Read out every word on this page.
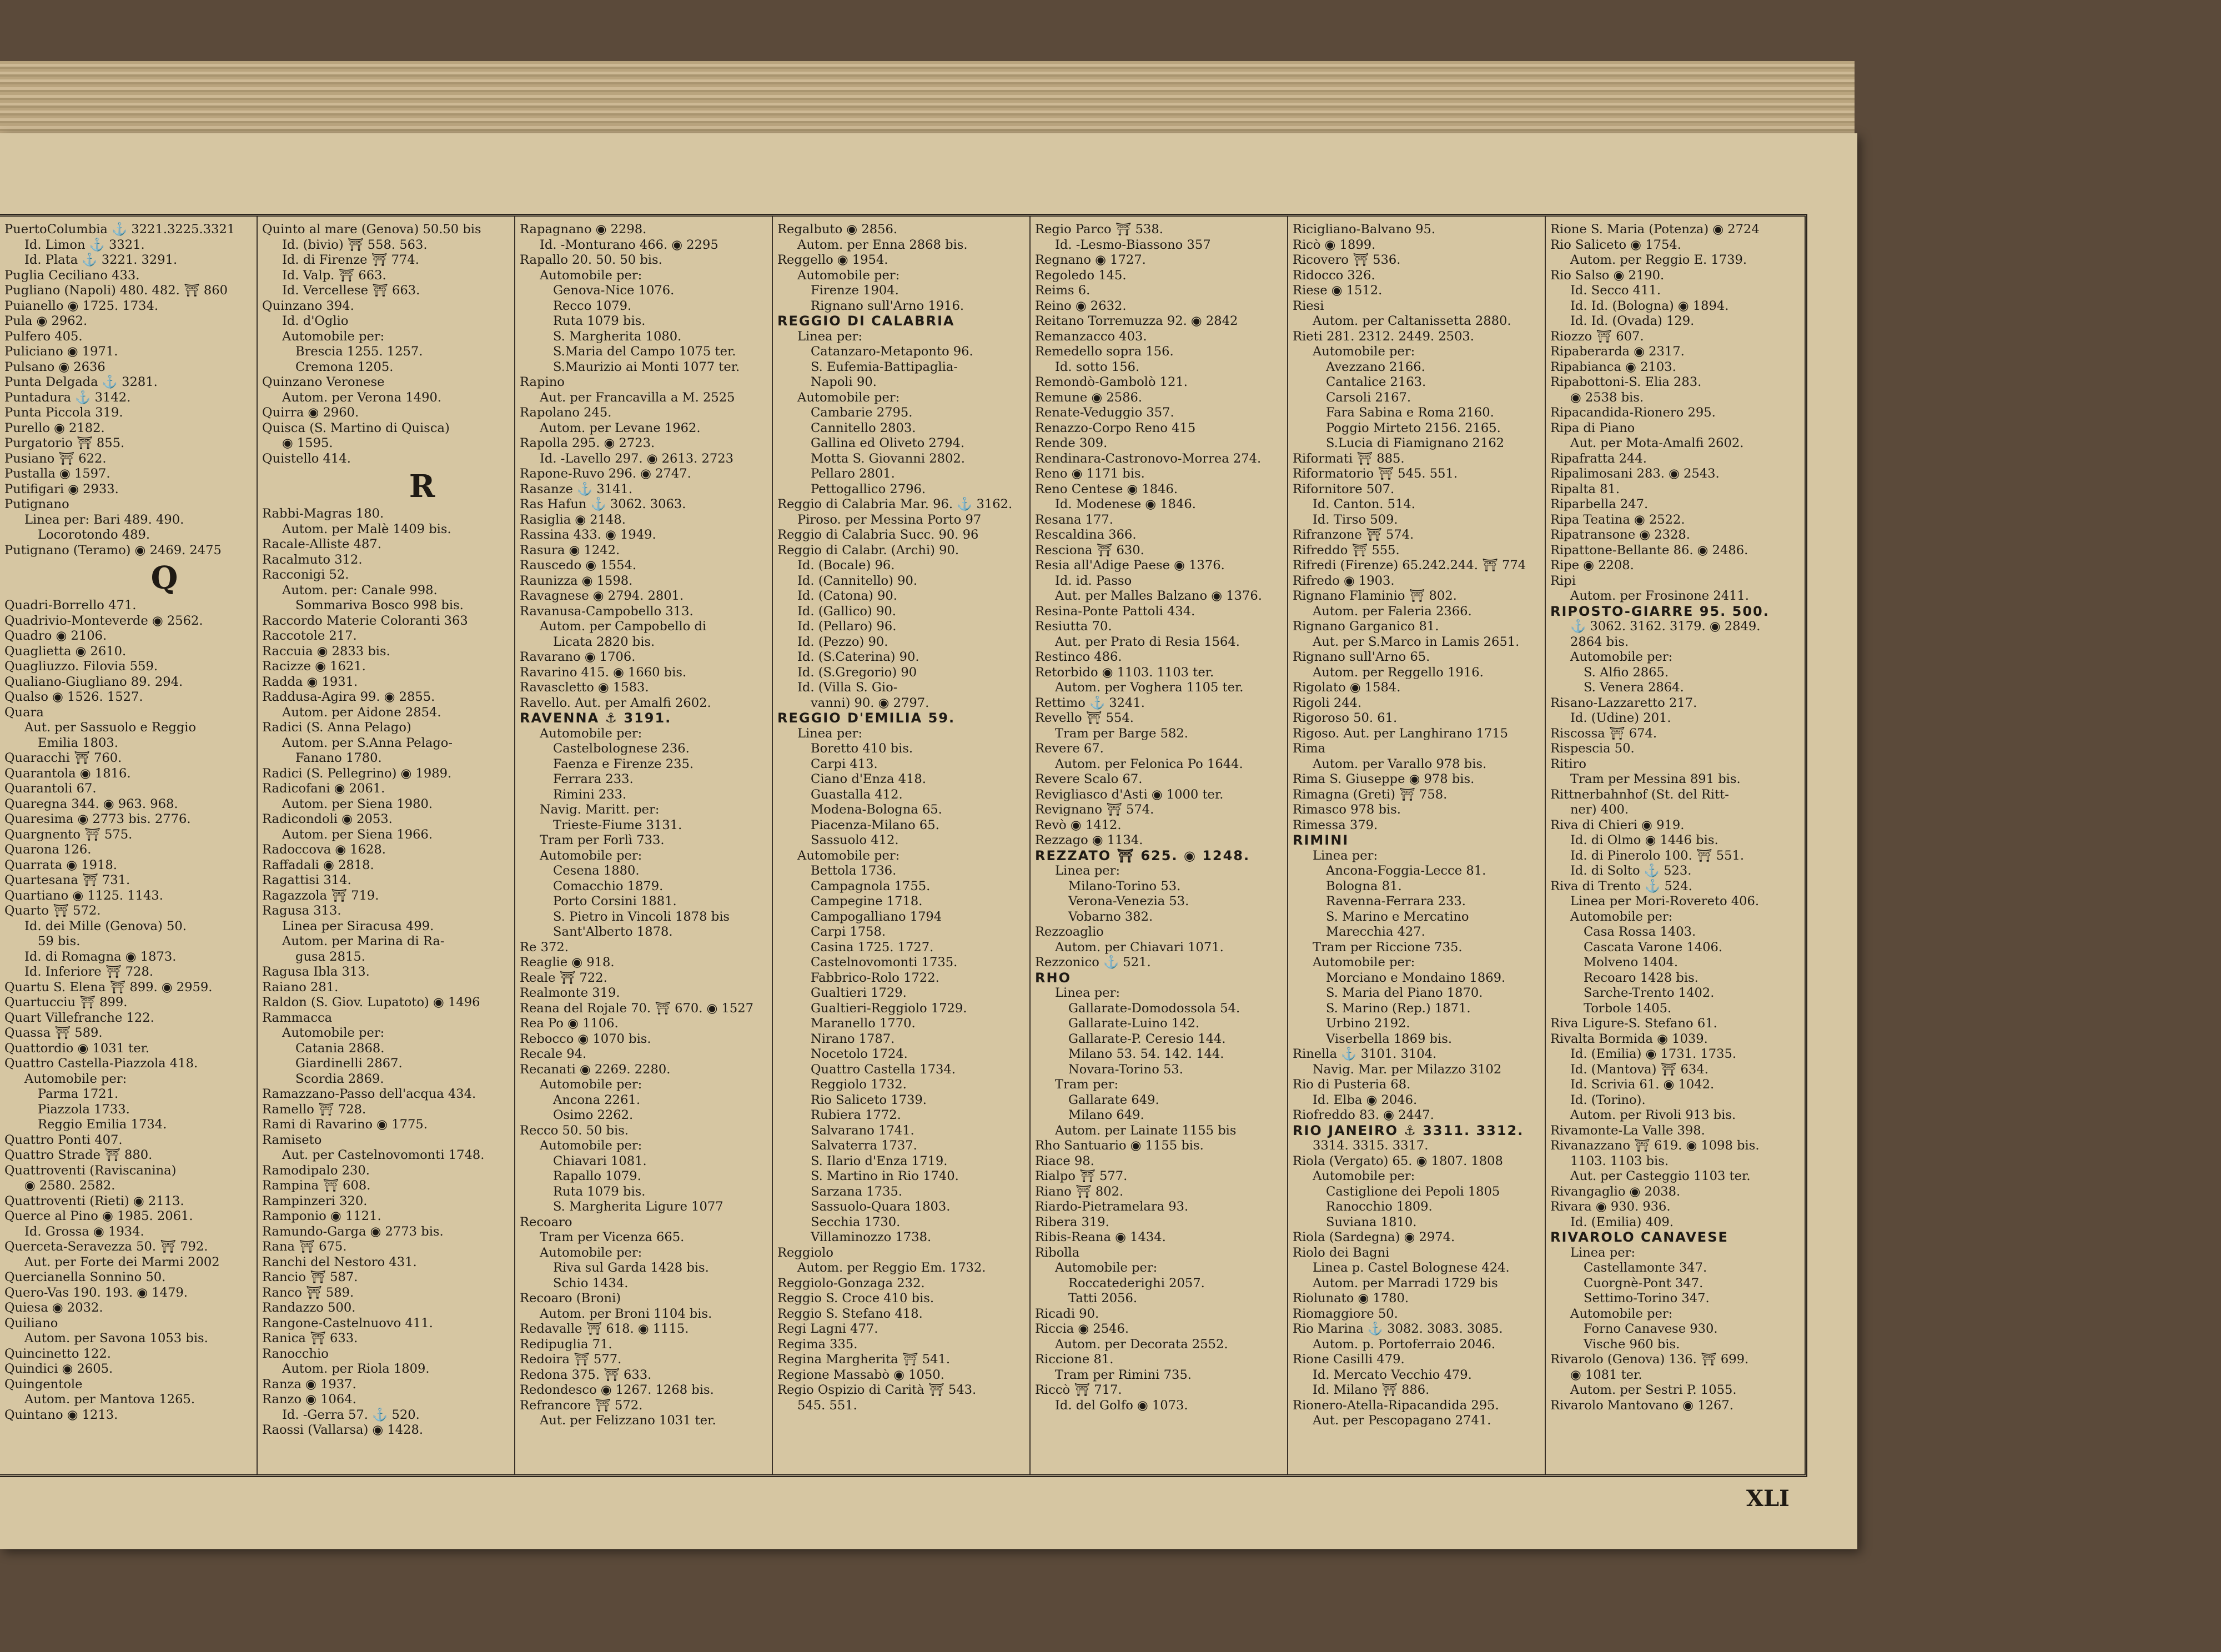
PuertoColumbia ⚓ 3221.3225.3321
Id. Limon ⚓ 3321.
Id. Plata ⚓ 3221. 3291.
Puglia Ceciliano 433.
Pugliano (Napoli) 480. 482. ⛩ 860
Puianello ◉ 1725. 1734.
Pula ◉ 2962.
Pulfero 405.
Puliciano ◉ 1971.
Pulsano ◉ 2636
Punta Delgada ⚓ 3281.
Puntadura ⚓ 3142.
Punta Piccola 319.
Purello ◉ 2182.
Purgatorio ⛩ 855.
Pusiano ⛩ 622.
Pustalla ◉ 1597.
Putifigari ◉ 2933.
Putignano
Linea per: Bari 489. 490.
Locorotondo 489.
Putignano (Teramo) ◉ 2469. 2475
Q
Quadri-Borrello 471.
Quadrivio-Monteverde ◉ 2562.
Quadro ◉ 2106.
Quaglietta ◉ 2610.
Quagliuzzo. Filovia 559.
Qualiano-Giugliano 89. 294.
Qualso ◉ 1526. 1527.
Quara
Aut. per Sassuolo e Reggio
Emilia 1803.
Quaracchi ⛩ 760.
Quarantola ◉ 1816.
Quarantoli 67.
Quaregna 344. ◉ 963. 968.
Quaresima ◉ 2773 bis. 2776.
Quargnento ⛩ 575.
Quarona 126.
Quarrata ◉ 1918.
Quartesana ⛩ 731.
Quartiano ◉ 1125. 1143.
Quarto ⛩ 572.
Id. dei Mille (Genova) 50.
59 bis.
Id. di Romagna ◉ 1873.
Id. Inferiore ⛩ 728.
Quartu S. Elena ⛩ 899. ◉ 2959.
Quartucciu ⛩ 899.
Quart Villefranche 122.
Quassa ⛩ 589.
Quattordio ◉ 1031 ter.
Quattro Castella-Piazzola 418.
Automobile per:
Parma 1721.
Piazzola 1733.
Reggio Emilia 1734.
Quattro Ponti 407.
Quattro Strade ⛩ 880.
Quattroventi (Raviscanina)
◉ 2580. 2582.
Quattroventi (Rieti) ◉ 2113.
Querce al Pino ◉ 1985. 2061.
Id. Grossa ◉ 1934.
Querceta-Seravezza 50. ⛩ 792.
Aut. per Forte dei Marmi 2002
Quercianella Sonnino 50.
Quero-Vas 190. 193. ◉ 1479.
Quiesa ◉ 2032.
Quiliano
Autom. per Savona 1053 bis.
Quincinetto 122.
Quindici ◉ 2605.
Quingentole
Autom. per Mantova 1265.
Quintano ◉ 1213.
Quinto al mare (Genova) 50.50 bis
Id. (bivio) ⛩ 558. 563.
Id. di Firenze ⛩ 774.
Id. Valp. ⛩ 663.
Id. Vercellese ⛩ 663.
Quinzano 394.
Id. d'Oglio
Automobile per:
Brescia 1255. 1257.
Cremona 1205.
Quinzano Veronese
Autom. per Verona 1490.
Quirra ◉ 2960.
Quisca (S. Martino di Quisca)
◉ 1595.
Quistello 414.
R
Rabbi-Magras 180.
Autom. per Malè 1409 bis.
Racale-Alliste 487.
Racalmuto 312.
Racconigi 52.
Autom. per: Canale 998.
Sommariva Bosco 998 bis.
Raccordo Materie Coloranti 363
Raccotole 217.
Raccuia ◉ 2833 bis.
Racizze ◉ 1621.
Radda ◉ 1931.
Raddusa-Agira 99. ◉ 2855.
Autom. per Aidone 2854.
Radici (S. Anna Pelago)
Autom. per S.Anna Pelago-
Fanano 1780.
Radici (S. Pellegrino) ◉ 1989.
Radicofani ◉ 2061.
Autom. per Siena 1980.
Radicondoli ◉ 2053.
Autom. per Siena 1966.
Radoccova ◉ 1628.
Raffadali ◉ 2818.
Ragattisi 314.
Ragazzola ⛩ 719.
Ragusa 313.
Linea per Siracusa 499.
Autom. per Marina di Ra-
gusa 2815.
Ragusa Ibla 313.
Raiano 281.
Raldon (S. Giov. Lupatoto) ◉ 1496
Rammacca
Automobile per:
Catania 2868.
Giardinelli 2867.
Scordia 2869.
Ramazzano-Passo dell'acqua 434.
Ramello ⛩ 728.
Rami di Ravarino ◉ 1775.
Ramiseto
Aut. per Castelnovomonti 1748.
Ramodipalo 230.
Rampina ⛩ 608.
Rampinzeri 320.
Ramponio ◉ 1121.
Ramundo-Garga ◉ 2773 bis.
Rana ⛩ 675.
Ranchi del Nestoro 431.
Rancio ⛩ 587.
Ranco ⛩ 589.
Randazzo 500.
Rangone-Castelnuovo 411.
Ranica ⛩ 633.
Ranocchio
Autom. per Riola 1809.
Ranza ◉ 1937.
Ranzo ◉ 1064.
Id. -Gerra 57. ⚓ 520.
Raossi (Vallarsa) ◉ 1428.
Rapagnano ◉ 2298.
Id. -Monturano 466. ◉ 2295
Rapallo 20. 50. 50 bis.
Automobile per:
Genova-Nice 1076.
Recco 1079.
Ruta 1079 bis.
S. Margherita 1080.
S.Maria del Campo 1075 ter.
S.Maurizio ai Monti 1077 ter.
Rapino
Aut. per Francavilla a M. 2525
Rapolano 245.
Autom. per Levane 1962.
Rapolla 295. ◉ 2723.
Id. -Lavello 297. ◉ 2613. 2723
Rapone-Ruvo 296. ◉ 2747.
Rasanze ⚓ 3141.
Ras Hafun ⚓ 3062. 3063.
Rasiglia ◉ 2148.
Rassina 433. ◉ 1949.
Rasura ◉ 1242.
Rauscedo ◉ 1554.
Raunizza ◉ 1598.
Ravagnese ◉ 2794. 2801.
Ravanusa-Campobello 313.
Autom. per Campobello di
Licata 2820 bis.
Ravarano ◉ 1706.
Ravarino 415. ◉ 1660 bis.
Ravascletto ◉ 1583.
Ravello. Aut. per Amalfi 2602.
RAVENNA ⚓ 3191.
Automobile per:
Castelbolognese 236.
Faenza e Firenze 235.
Ferrara 233.
Rimini 233.
Navig. Maritt. per:
Trieste-Fiume 3131.
Tram per Forlì 733.
Automobile per:
Cesena 1880.
Comacchio 1879.
Porto Corsini 1881.
S. Pietro in Vincoli 1878 bis
Sant'Alberto 1878.
Re 372.
Reaglie ◉ 918.
Reale ⛩ 722.
Realmonte 319.
Reana del Rojale 70. ⛩ 670. ◉ 1527
Rea Po ◉ 1106.
Rebocco ◉ 1070 bis.
Recale 94.
Recanati ◉ 2269. 2280.
Automobile per:
Ancona 2261.
Osimo 2262.
Recco 50. 50 bis.
Automobile per:
Chiavari 1081.
Rapallo 1079.
Ruta 1079 bis.
S. Margherita Ligure 1077
Recoaro
Tram per Vicenza 665.
Automobile per:
Riva sul Garda 1428 bis.
Schio 1434.
Recoaro (Broni)
Autom. per Broni 1104 bis.
Redavalle ⛩ 618. ◉ 1115.
Redipuglia 71.
Redoira ⛩ 577.
Redona 375. ⛩ 633.
Redondesco ◉ 1267. 1268 bis.
Refrancore ⛩ 572.
Aut. per Felizzano 1031 ter.
Regalbuto ◉ 2856.
Autom. per Enna 2868 bis.
Reggello ◉ 1954.
Automobile per:
Firenze 1904.
Rignano sull'Arno 1916.
REGGIO DI CALABRIA
Linea per:
Catanzaro-Metaponto 96.
S. Eufemia-Battipaglia-
Napoli 90.
Automobile per:
Cambarie 2795.
Cannitello 2803.
Gallina ed Oliveto 2794.
Motta S. Giovanni 2802.
Pellaro 2801.
Pettogallico 2796.
Reggio di Calabria Mar. 96. ⚓ 3162.
Piroso. per Messina Porto 97
Reggio di Calabria Succ. 90. 96
Reggio di Calabr. (Archi) 90.
Id. (Bocale) 96.
Id. (Cannitello) 90.
Id. (Catona) 90.
Id. (Gallico) 90.
Id. (Pellaro) 96.
Id. (Pezzo) 90.
Id. (S.Caterina) 90.
Id. (S.Gregorio) 90
Id. (Villa S. Gio-
vanni) 90. ◉ 2797.
REGGIO D'EMILIA 59.
Linea per:
Boretto 410 bis.
Carpi 413.
Ciano d'Enza 418.
Guastalla 412.
Modena-Bologna 65.
Piacenza-Milano 65.
Sassuolo 412.
Automobile per:
Bettola 1736.
Campagnola 1755.
Campegine 1718.
Campogalliano 1794
Carpi 1758.
Casina 1725. 1727.
Castelnovomonti 1735.
Fabbrico-Rolo 1722.
Gualtieri 1729.
Gualtieri-Reggiolo 1729.
Maranello 1770.
Nirano 1787.
Nocetolo 1724.
Quattro Castella 1734.
Reggiolo 1732.
Rio Saliceto 1739.
Rubiera 1772.
Salvarano 1741.
Salvaterra 1737.
S. Ilario d'Enza 1719.
S. Martino in Rio 1740.
Sarzana 1735.
Sassuolo-Quara 1803.
Secchia 1730.
Villaminozzo 1738.
Reggiolo
Autom. per Reggio Em. 1732.
Reggiolo-Gonzaga 232.
Reggio S. Croce 410 bis.
Reggio S. Stefano 418.
Regi Lagni 477.
Regima 335.
Regina Margherita ⛩ 541.
Regione Massabò ◉ 1050.
Regio Ospizio di Carità ⛩ 543.
545. 551.
Regio Parco ⛩ 538.
Id. -Lesmo-Biassono 357
Regnano ◉ 1727.
Regoledo 145.
Reims 6.
Reino ◉ 2632.
Reitano Torremuzza 92. ◉ 2842
Remanzacco 403.
Remedello sopra 156.
Id. sotto 156.
Remondò-Gambolò 121.
Remune ◉ 2586.
Renate-Veduggio 357.
Renazzo-Corpo Reno 415
Rende 309.
Rendinara-Castronovo-Morrea 274.
Reno ◉ 1171 bis.
Reno Centese ◉ 1846.
Id. Modenese ◉ 1846.
Resana 177.
Rescaldina 366.
Resciona ⛩ 630.
Resia all'Adige Paese ◉ 1376.
Id. id. Passo
Aut. per Malles Balzano ◉ 1376.
Resina-Ponte Pattoli 434.
Resiutta 70.
Aut. per Prato di Resia 1564.
Restinco 486.
Retorbido ◉ 1103. 1103 ter.
Autom. per Voghera 1105 ter.
Rettimo ⚓ 3241.
Revello ⛩ 554.
Tram per Barge 582.
Revere 67.
Autom. per Felonica Po 1644.
Revere Scalo 67.
Revigliasco d'Asti ◉ 1000 ter.
Revignano ⛩ 574.
Revò ◉ 1412.
Rezzago ◉ 1134.
REZZATO ⛩ 625. ◉ 1248.
Linea per:
Milano-Torino 53.
Verona-Venezia 53.
Vobarno 382.
Rezzoaglio
Autom. per Chiavari 1071.
Rezzonico ⚓ 521.
RHO
Linea per:
Gallarate-Domodossola 54.
Gallarate-Luino 142.
Gallarate-P. Ceresio 144.
Milano 53. 54. 142. 144.
Novara-Torino 53.
Tram per:
Gallarate 649.
Milano 649.
Autom. per Lainate 1155 bis
Rho Santuario ◉ 1155 bis.
Riace 98.
Rialpo ⛩ 577.
Riano ⛩ 802.
Riardo-Pietramelara 93.
Ribera 319.
Ribis-Reana ◉ 1434.
Ribolla
Automobile per:
Roccatederighi 2057.
Tatti 2056.
Ricadi 90.
Riccia ◉ 2546.
Autom. per Decorata 2552.
Riccione 81.
Tram per Rimini 735.
Riccò ⛩ 717.
Id. del Golfo ◉ 1073.
Ricigliano-Balvano 95.
Ricò ◉ 1899.
Ricovero ⛩ 536.
Ridocco 326.
Riese ◉ 1512.
Riesi
Autom. per Caltanissetta 2880.
Rieti 281. 2312. 2449. 2503.
Automobile per:
Avezzano 2166.
Cantalice 2163.
Carsoli 2167.
Fara Sabina e Roma 2160.
Poggio Mirteto 2156. 2165.
S.Lucia di Fiamignano 2162
Riformati ⛩ 885.
Riformatorio ⛩ 545. 551.
Rifornitore 507.
Id. Canton. 514.
Id. Tirso 509.
Rifranzone ⛩ 574.
Rifreddo ⛩ 555.
Rifredi (Firenze) 65.242.244. ⛩ 774
Rifredo ◉ 1903.
Rignano Flaminio ⛩ 802.
Autom. per Faleria 2366.
Rignano Garganico 81.
Aut. per S.Marco in Lamis 2651.
Rignano sull'Arno 65.
Autom. per Reggello 1916.
Rigolato ◉ 1584.
Rigoli 244.
Rigoroso 50. 61.
Rigoso. Aut. per Langhirano 1715
Rima
Autom. per Varallo 978 bis.
Rima S. Giuseppe ◉ 978 bis.
Rimagna (Greti) ⛩ 758.
Rimasco 978 bis.
Rimessa 379.
RIMINI
Linea per:
Ancona-Foggia-Lecce 81.
Bologna 81.
Ravenna-Ferrara 233.
S. Marino e Mercatino
Marecchia 427.
Tram per Riccione 735.
Automobile per:
Morciano e Mondaino 1869.
S. Maria del Piano 1870.
S. Marino (Rep.) 1871.
Urbino 2192.
Viserbella 1869 bis.
Rinella ⚓ 3101. 3104.
Navig. Mar. per Milazzo 3102
Rio di Pusteria 68.
Id. Elba ◉ 2046.
Riofreddo 83. ◉ 2447.
RIO JANEIRO ⚓ 3311. 3312.
3314. 3315. 3317.
Riola (Vergato) 65. ◉ 1807. 1808
Automobile per:
Castiglione dei Pepoli 1805
Ranocchio 1809.
Suviana 1810.
Riola (Sardegna) ◉ 2974.
Riolo dei Bagni
Linea p. Castel Bolognese 424.
Autom. per Marradi 1729 bis
Riolunato ◉ 1780.
Riomaggiore 50.
Rio Marina ⚓ 3082. 3083. 3085.
Autom. p. Portoferraio 2046.
Rione Casilli 479.
Id. Mercato Vecchio 479.
Id. Milano ⛩ 886.
Rionero-Atella-Ripacandida 295.
Aut. per Pescopagano 2741.
Rione S. Maria (Potenza) ◉ 2724
Rio Saliceto ◉ 1754.
Autom. per Reggio E. 1739.
Rio Salso ◉ 2190.
Id. Secco 411.
Id. Id. (Bologna) ◉ 1894.
Id. Id. (Ovada) 129.
Riozzo ⛩ 607.
Ripaberarda ◉ 2317.
Ripabianca ◉ 2103.
Ripabottoni-S. Elia 283.
◉ 2538 bis.
Ripacandida-Rionero 295.
Ripa di Piano
Aut. per Mota-Amalfi 2602.
Ripafratta 244.
Ripalimosani 283. ◉ 2543.
Ripalta 81.
Riparbella 247.
Ripa Teatina ◉ 2522.
Ripatransone ◉ 2328.
Ripattone-Bellante 86. ◉ 2486.
Ripe ◉ 2208.
Ripi
Autom. per Frosinone 2411.
RIPOSTO-GIARRE 95. 500.
⚓ 3062. 3162. 3179. ◉ 2849.
2864 bis.
Automobile per:
S. Alfio 2865.
S. Venera 2864.
Risano-Lazzaretto 217.
Id. (Udine) 201.
Riscossa ⛩ 674.
Rispescia 50.
Ritiro
Tram per Messina 891 bis.
Rittnerbahnhof (St. del Ritt-
ner) 400.
Riva di Chieri ◉ 919.
Id. di Olmo ◉ 1446 bis.
Id. di Pinerolo 100. ⛩ 551.
Id. di Solto ⚓ 523.
Riva di Trento ⚓ 524.
Linea per Mori-Rovereto 406.
Automobile per:
Casa Rossa 1403.
Cascata Varone 1406.
Molveno 1404.
Recoaro 1428 bis.
Sarche-Trento 1402.
Torbole 1405.
Riva Ligure-S. Stefano 61.
Rivalta Bormida ◉ 1039.
Id. (Emilia) ◉ 1731. 1735.
Id. (Mantova) ⛩ 634.
Id. Scrivia 61. ◉ 1042.
Id. (Torino).
Autom. per Rivoli 913 bis.
Rivamonte-La Valle 398.
Rivanazzano ⛩ 619. ◉ 1098 bis.
1103. 1103 bis.
Aut. per Casteggio 1103 ter.
Rivangaglio ◉ 2038.
Rivara ◉ 930. 936.
Id. (Emilia) 409.
RIVAROLO CANAVESE
Linea per:
Castellamonte 347.
Cuorgnè-Pont 347.
Settimo-Torino 347.
Automobile per:
Forno Canavese 930.
Vische 960 bis.
Rivarolo (Genova) 136. ⛩ 699.
◉ 1081 ter.
Autom. per Sestri P. 1055.
Rivarolo Mantovano ◉ 1267.
XLI
